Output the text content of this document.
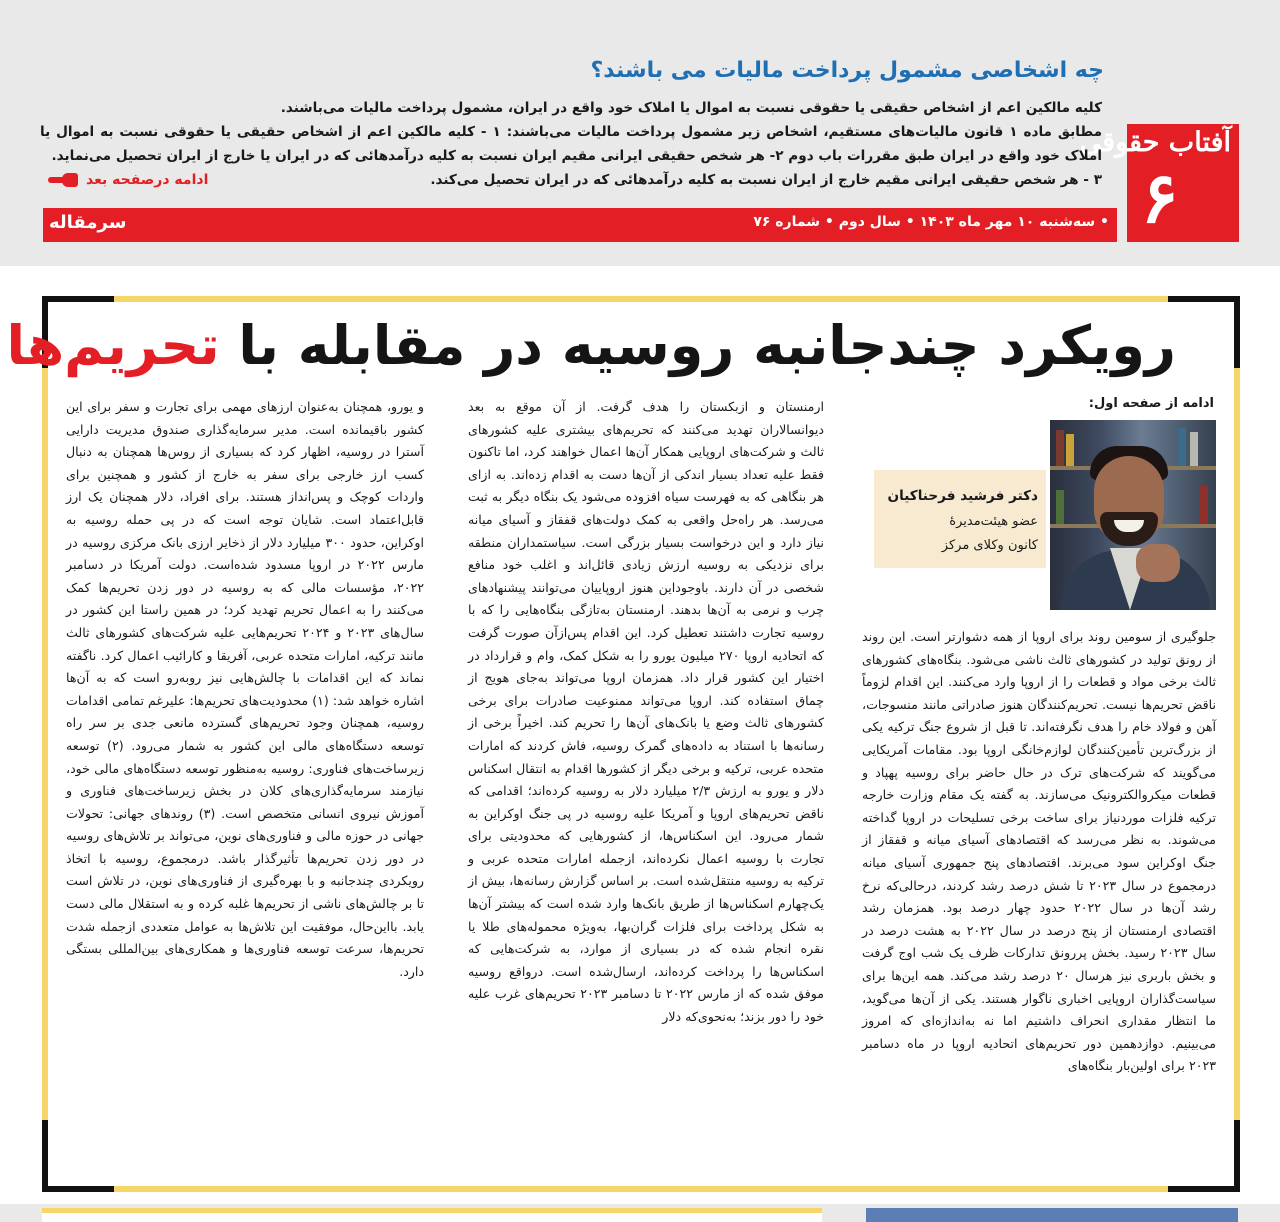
آفتاب حقوقی
۶
چه اشخاصی مشمول پرداخت مالیات می باشند؟

کلیه مالکین اعم از اشخاص حقیقی یا حقوقی نسبت به اموال یا املاک خود واقع در ایران، مشمول پرداخت مالیات می‌باشند.

مطابق ماده ۱ قانون مالیات‌های مستقیم، اشخاص زیر مشمول پرداخت مالیات می‌باشند: ۱ - کلیه مالکین اعم از اشخاص حقیقی یا حقوقی نسبت به اموال یا املاک خود واقع در ایران طبق مقررات باب دوم ۲- هر شخص حقیقی ایرانی مقیم ایران نسبت به کلیه درآمدهائی که در ایران یا خارج از ایران تحصیل می‌نماید.

۳ - هر شخص حقیقی ایرانی مقیم خارج از ایران نسبت به کلیه درآمدهائی که در ایران تحصیل می‌کند.

ادامه درصفحه بعد
• سه‌شنبه ۱۰ مهر ماه ۱۴۰۳ • سال دوم • شماره ۷۶
سرمقاله
رویکرد چندجانبه روسیه در مقابله با تحریم‌ها
ادامه از صفحه اول:
دکتر فرشید فرحناکیان
عضو هیئت‌مدیرهٔ
کانون وکلای مرکز

جلوگیری از سومین روند برای اروپا از همه دشوارتر است. این روند از رونق تولید در کشورهای ثالث ناشی می‌شود. بنگاه‌های کشورهای ثالث برخی مواد و قطعات را از اروپا وارد می‌کنند. این اقدام لزوماً ناقض تحریم‌ها نیست. تحریم‌کنندگان هنوز صادراتی مانند منسوجات، آهن و فولاد خام را هدف نگرفته‌اند. تا قبل از شروع جنگ ترکیه یکی از بزرگ‌ترین تأمین‌کنندگان لوازم‌خانگی اروپا بود. مقامات آمریکایی می‌گویند که شرکت‌های ترک در حال حاضر برای روسیه پهپاد و قطعات میکروالکترونیک می‌سازند. به گفته یک مقام وزارت خارجه ترکیه فلزات موردنیاز برای ساخت برخی تسلیحات در اروپا گداخته می‌شوند. به نظر می‌رسد که اقتصادهای آسیای میانه و قفقاز از جنگ اوکراین سود می‌برند. اقتصادهای پنج جمهوری آسیای میانه درمجموع در سال ۲۰۲۳ تا شش درصد رشد کردند، درحالی‌که نرخ رشد آن‌ها در سال ۲۰۲۲ حدود چهار درصد بود. همزمان رشد اقتصادی ارمنستان از پنج درصد در سال ۲۰۲۲ به هشت درصد در سال ۲۰۲۳ رسید. بخش پررونق تدارکات ظرف یک شب اوج گرفت و بخش باربری نیز هرسال ۲۰ درصد رشد می‌کند. همه این‌ها برای سیاست‌گذاران اروپایی اخباری ناگوار هستند. یکی از آن‌ها می‌گوید، ما انتظار مقداری انحراف داشتیم اما نه به‌اندازه‌ای که امروز می‌بینیم. دوازدهمین دور تحریم‌های اتحادیه اروپا در ماه دسامبر ۲۰۲۳ برای اولین‌بار بنگاه‌های

ارمنستان و ازبکستان را هدف گرفت. از آن موقع به بعد دیوانسالاران تهدید می‌کنند که تحریم‌های بیشتری علیه کشورهای ثالث و شرکت‌های اروپایی همکار آن‌ها اعمال خواهند کرد، اما تاکنون فقط علیه تعداد بسیار اندکی از آن‌ها دست به اقدام زده‌اند. به ازای هر بنگاهی که به فهرست سیاه افزوده می‌شود یک بنگاه دیگر به ثبت می‌رسد. هر راه‌حل واقعی به کمک دولت‌های قفقاز و آسیای میانه نیاز دارد و این درخواست بسیار بزرگی است. سیاستمداران منطقه برای نزدیکی به روسیه ارزش زیادی قائل‌اند و اغلب خود منافع شخصی در آن دارند. باوجوداین هنوز اروپاییان می‌توانند پیشنهادهای چرب و نرمی به آن‌ها بدهند. ارمنستان به‌تازگی بنگاه‌هایی را که با روسیه تجارت داشتند تعطیل کرد. این اقدام پس‌ازآن صورت گرفت که اتحادیه اروپا ۲۷۰ میلیون یورو را به شکل کمک، وام و قرارداد در اختیار این کشور قرار داد. همزمان اروپا می‌تواند به‌جای هویج از چماق استفاده کند. اروپا می‌تواند ممنوعیت صادرات برای برخی کشورهای ثالث وضع یا بانک‌های آن‌ها را تحریم کند. اخیراً برخی از رسانه‌ها با استناد به داده‌های گمرک روسیه، فاش کردند که امارات متحده عربی، ترکیه و برخی دیگر از کشورها اقدام به انتقال اسکناس دلار و یورو به ارزش ۲/۳ میلیارد دلار به روسیه کرده‌اند؛ اقدامی که ناقض تحریم‌های اروپا و آمریکا علیه روسیه در پی جنگ اوکراین به شمار می‌رود. این اسکناس‌ها، از کشورهایی که محدودیتی برای تجارت با روسیه اعمال نکرده‌اند، ازجمله امارات متحده عربی و ترکیه به روسیه منتقل‌شده است. بر اساس گزارش رسانه‌ها، بیش از یک‌چهارم اسکناس‌ها از طریق بانک‌ها وارد شده است که بیشتر آن‌ها به شکل پرداخت برای فلزات گران‌بها، به‌ویژه محموله‌های طلا یا نقره انجام شده که در بسیاری از موارد، به شرکت‌هایی که اسکناس‌ها را پرداخت کرده‌اند، ارسال‌شده است. درواقع روسیه موفق شده که از مارس ۲۰۲۲ تا دسامبر ۲۰۲۳ تحریم‌های غرب علیه خود را دور بزند؛ به‌نحوی‌که دلار

و یورو، همچنان به‌عنوان ارزهای مهمی برای تجارت و سفر برای این کشور باقیمانده است. مدیر سرمایه‌گذاری صندوق مدیریت دارایی آسترا در روسیه، اظهار کرد که بسیاری از روس‌ها همچنان به دنبال کسب ارز خارجی برای سفر به خارج از کشور و همچنین برای واردات کوچک و پس‌انداز هستند. برای افراد، دلار همچنان یک ارز قابل‌اعتماد است. شایان توجه است که در پی حمله روسیه به اوکراین، حدود ۳۰۰ میلیارد دلار از ذخایر ارزی بانک مرکزی روسیه در مارس ۲۰۲۲ در اروپا مسدود شده‌است. دولت آمریکا در دسامبر ۲۰۲۲، مؤسسات مالی که به روسیه در دور زدن تحریم‌ها کمک می‌کنند را به اعمال تحریم تهدید کرد؛ در همین راستا این کشور در سال‌های ۲۰۲۳ و ۲۰۲۴ تحریم‌هایی علیه شرکت‌های کشورهای ثالث مانند ترکیه، امارات متحده عربی، آفریقا و کارائیب اعمال کرد. ناگفته نماند که این اقدامات با چالش‌هایی نیز روبه‌رو است که به آن‌ها اشاره خواهد شد: (۱) محدودیت‌های تحریم‌ها: علیرغم تمامی اقدامات روسیه، همچنان وجود تحریم‌های گسترده مانعی جدی بر سر راه توسعه دستگاه‌های مالی این کشور به شمار می‌رود. (۲) توسعه زیرساخت‌های فناوری: روسیه به‌منظور توسعه دستگاه‌های مالی خود، نیازمند سرمایه‌گذاری‌های کلان در بخش زیرساخت‌های فناوری و آموزش نیروی انسانی متخصص است. (۳) روندهای جهانی: تحولات جهانی در حوزه مالی و فناوری‌های نوین، می‌تواند بر تلاش‌های روسیه در دور زدن تحریم‌ها تأثیرگذار باشد. درمجموع، روسیه با اتخاذ رویکردی چندجانبه و با بهره‌گیری از فناوری‌های نوین، در تلاش است تا بر چالش‌های ناشی از تحریم‌ها غلبه کرده و به استقلال مالی دست یابد. بااین‌حال، موفقیت این تلاش‌ها به عوامل متعددی ازجمله شدت تحریم‌ها، سرعت توسعه فناوری‌ها و همکاری‌های بین‌المللی بستگی دارد.
